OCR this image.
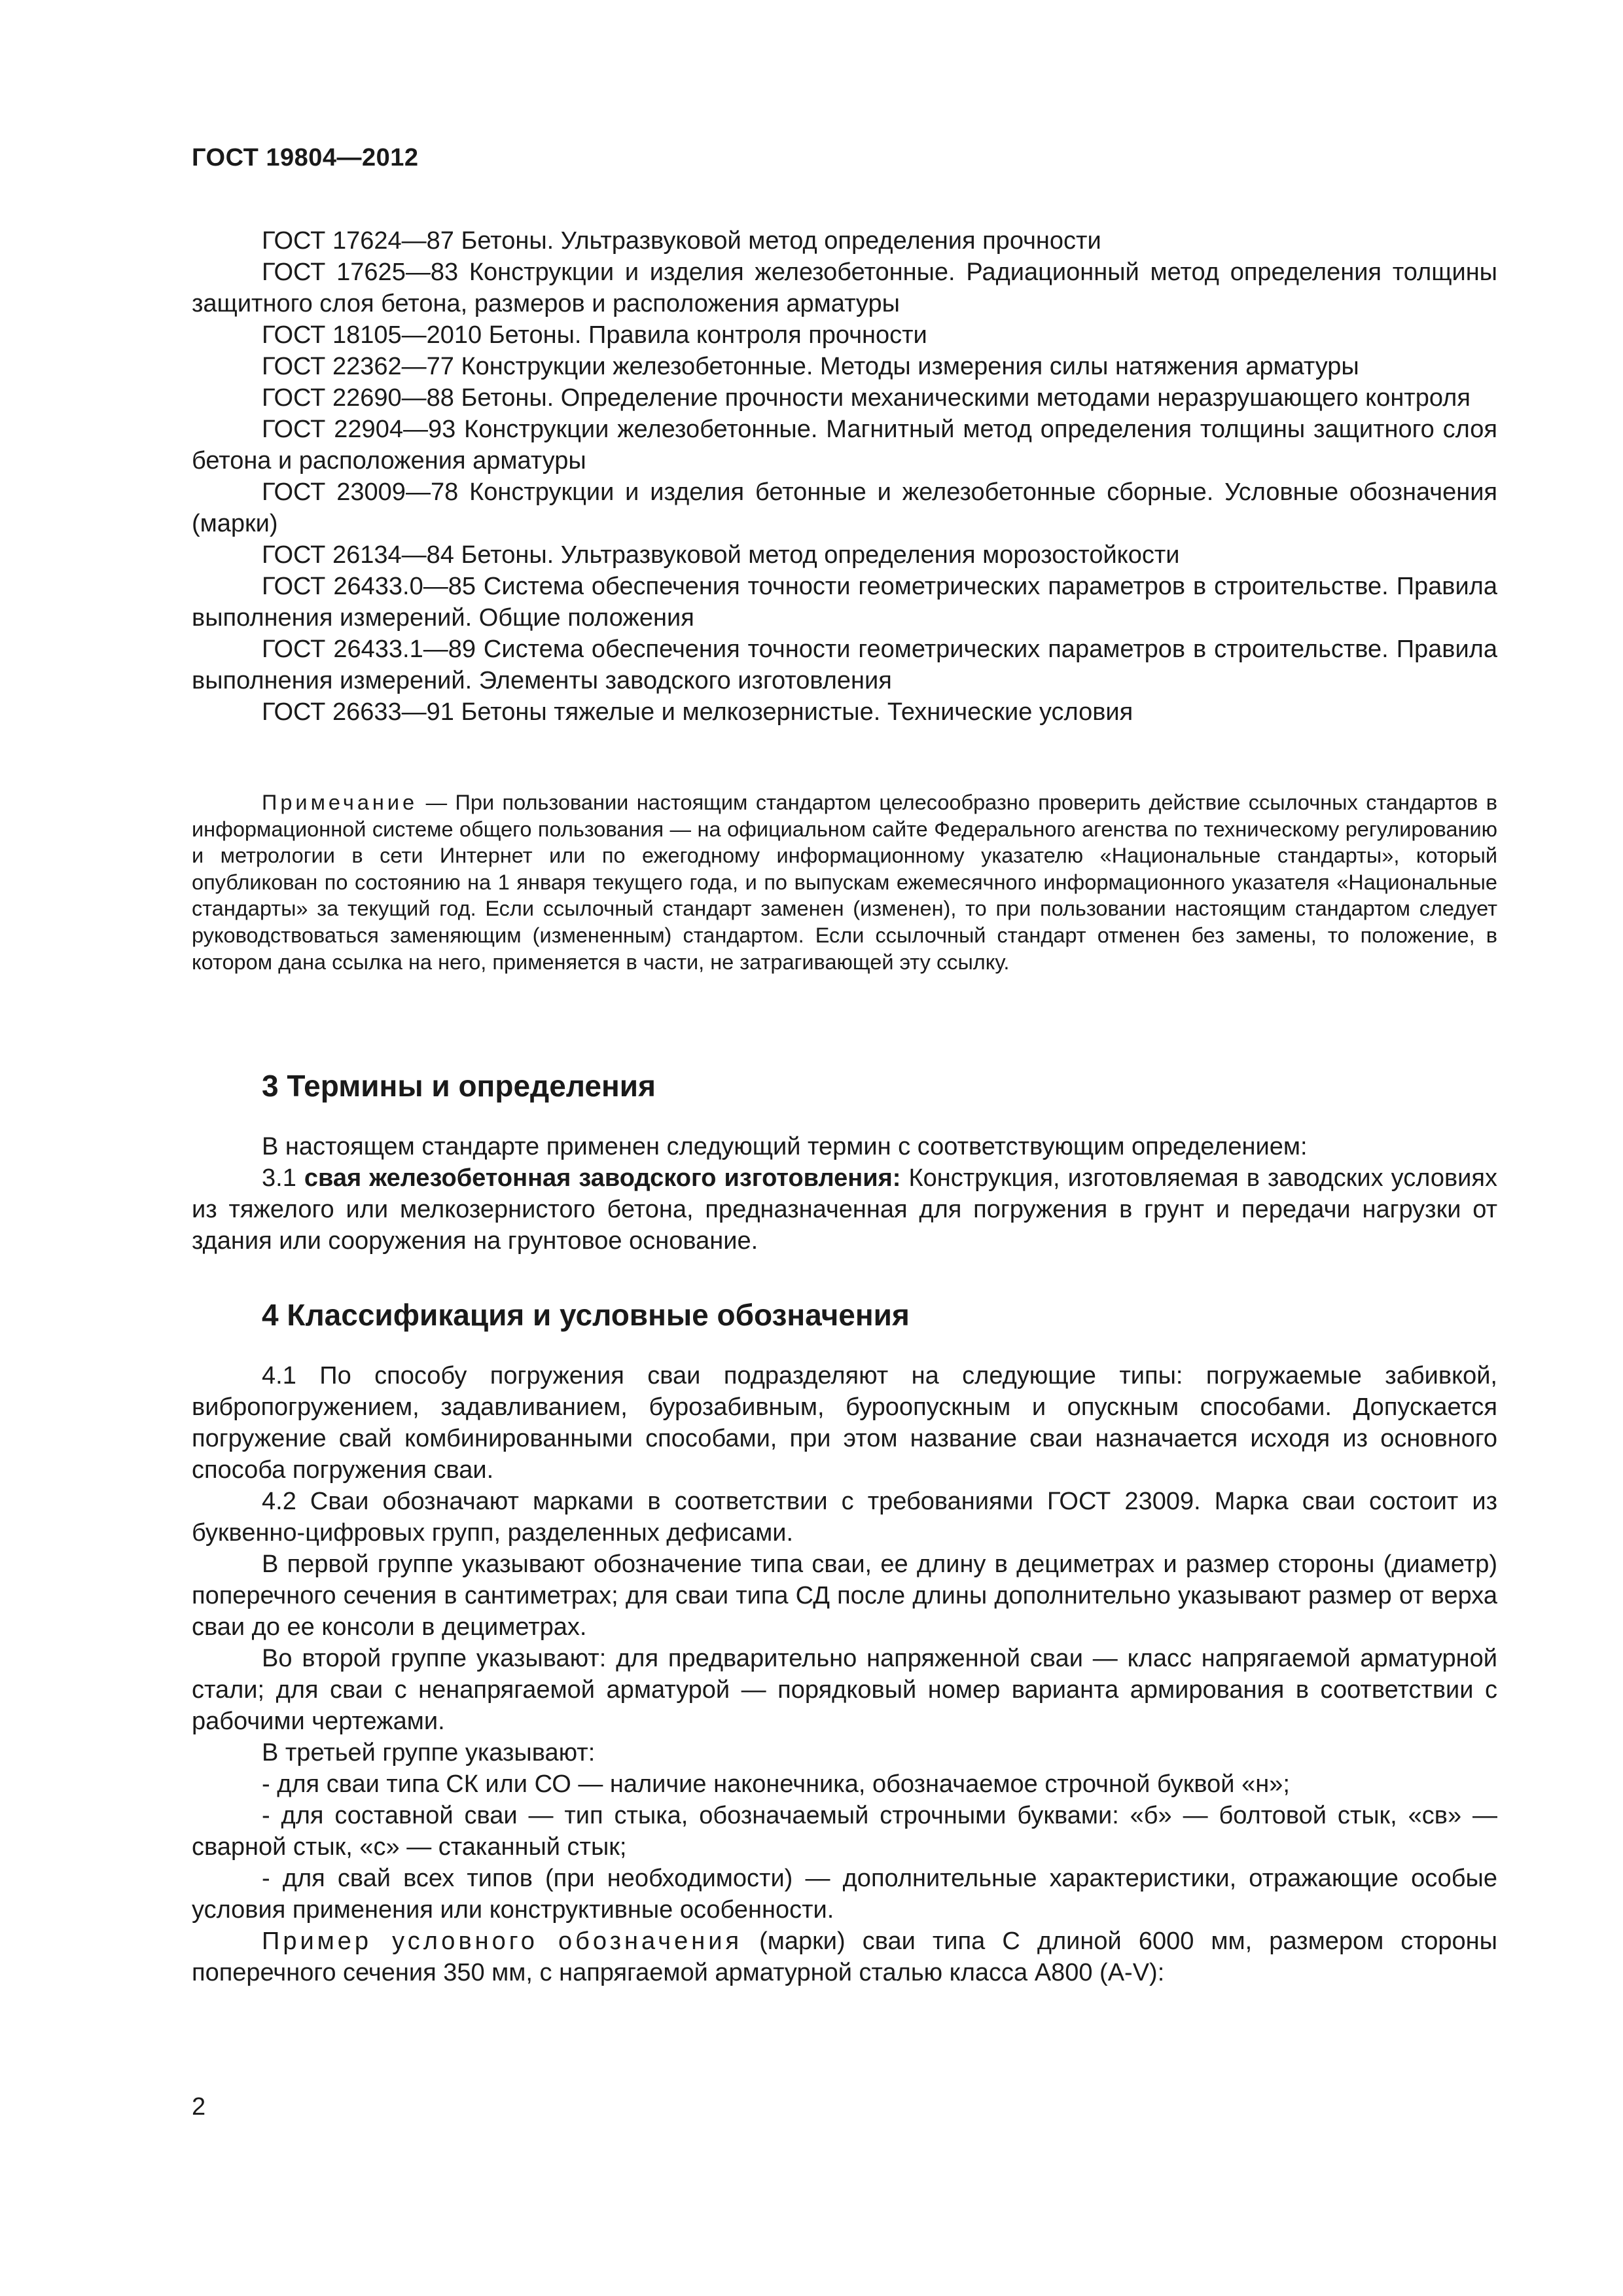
ГОСТ 19804—2012

ГОСТ 17624—87 Бетоны. Ультразвуковой метод определения прочности

ГОСТ 17625—83 Конструкции и изделия железобетонные. Радиационный метод определения толщины защитного слоя бетона, размеров и расположения арматуры

ГОСТ 18105—2010 Бетоны. Правила контроля прочности

ГОСТ 22362—77 Конструкции железобетонные. Методы измерения силы натяжения арматуры

ГОСТ 22690—88 Бетоны. Определение прочности механическими методами неразрушающего контроля

ГОСТ 22904—93 Конструкции железобетонные. Магнитный метод определения толщины защитного слоя бетона и расположения арматуры

ГОСТ 23009—78 Конструкции и изделия бетонные и железобетонные сборные. Условные обозначения (марки)

ГОСТ 26134—84 Бетоны. Ультразвуковой метод определения морозостойкости

ГОСТ 26433.0—85 Система обеспечения точности геометрических параметров в строительстве. Правила выполнения измерений. Общие положения

ГОСТ 26433.1—89 Система обеспечения точности геометрических параметров в строительстве. Правила выполнения измерений. Элементы заводского изготовления

ГОСТ 26633—91 Бетоны тяжелые и мелкозернистые. Технические условия

Примечание — При пользовании настоящим стандартом целесообразно проверить действие ссылочных стандартов в информационной системе общего пользования — на официальном сайте Федерального агенства по техническому регулированию и метрологии в сети Интернет или по ежегодному информационному указателю «Национальные стандарты», который опубликован по состоянию на 1 января текущего года, и по выпускам ежемесячного информационного указателя «Национальные стандарты» за текущий год. Если ссылочный стандарт заменен (изменен), то при пользовании настоящим стандартом следует руководствоваться заменяющим (измененным) стандартом. Если ссылочный стандарт отменен без замены, то положение, в котором дана ссылка на него, применяется в части, не затрагивающей эту ссылку.

3 Термины и определения

В настоящем стандарте применен следующий термин с соответствующим определением:

3.1 свая железобетонная заводского изготовления: Конструкция, изготовляемая в заводских условиях из тяжелого или мелкозернистого бетона, предназначенная для погружения в грунт и передачи нагрузки от здания или сооружения на грунтовое основание.

4 Классификация и условные обозначения

4.1 По способу погружения сваи подразделяют на следующие типы: погружаемые забивкой, вибропогружением, задавливанием, бурозабивным, бурoопускным и опускным способами. Допускается погружение свай комбинированными способами, при этом название сваи назначается исходя из основного способа погружения сваи.

4.2 Сваи обозначают марками в соответствии с требованиями ГОСТ 23009. Марка сваи состоит из буквенно-цифровых групп, разделенных дефисами.

В первой группе указывают обозначение типа сваи, ее длину в дециметрах и размер стороны (диаметр) поперечного сечения в сантиметрах; для сваи типа СД после длины дополнительно указывают размер от верха сваи до ее консоли в дециметрах.

Во второй группе указывают: для предварительно напряженной сваи — класс напрягаемой арматурной стали; для сваи с ненапрягаемой арматурой — порядковый номер варианта армирования в соответствии с рабочими чертежами.

В третьей группе указывают:

- для сваи типа СК или СО — наличие наконечника, обозначаемое строчной буквой «н»;

- для составной сваи — тип стыка, обозначаемый строчными буквами: «б» — болтовой стык, «св» — сварной стык, «с» — стаканный стык;

- для свай всех типов (при необходимости) — дополнительные характеристики, отражающие особые условия применения или конструктивные особенности.

Пример условного обозначения (марки) сваи типа С длиной 6000 мм, размером стороны поперечного сечения 350 мм, с напрягаемой арматурной сталью класса А800 (А-V):

2
